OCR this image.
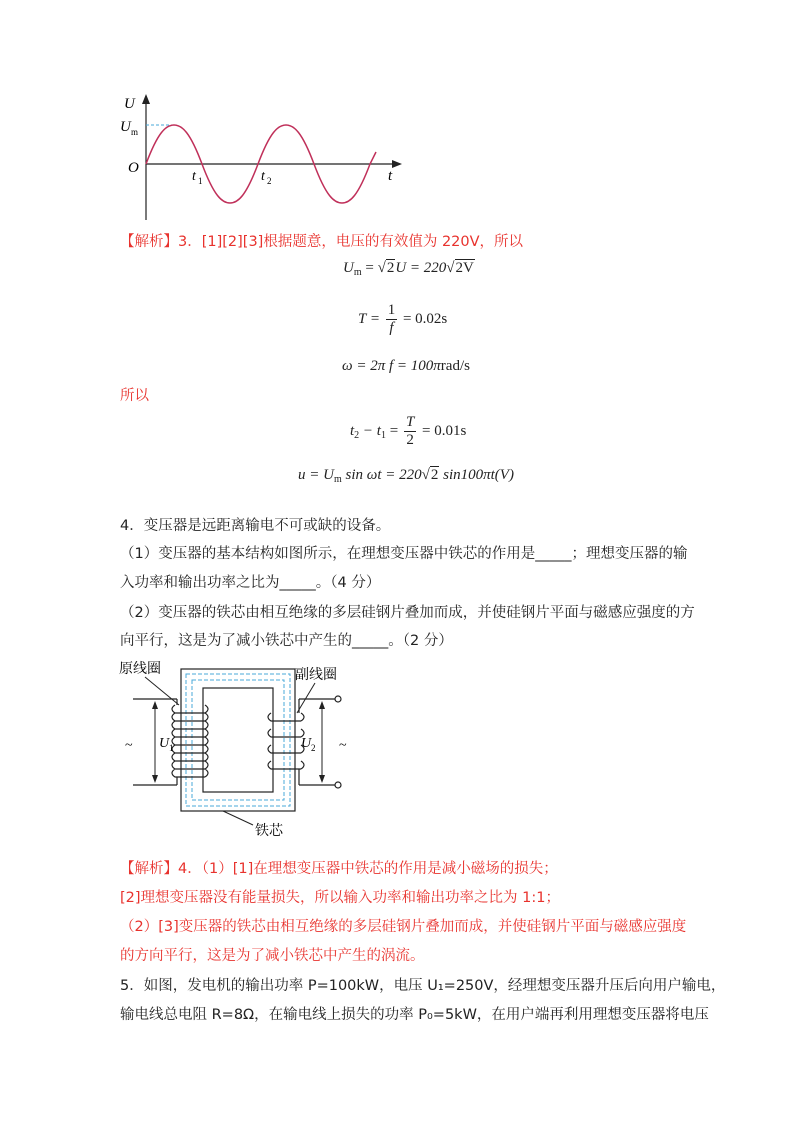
U
U m
O	t
t 1	t 2
【解析】3．[1][2][3]根据题意，电压的有效值为 220V，所以
$U_m = √2U = 220√2V$
$T = \frac{1}{f} = 0.02s$
ω = 2π f = 100πrad/s
所以
$t_2 - t_1 = \frac{T}{2} = 0.01s$
$u = U_m$ sin ωt = 220√2 sin100πt(V)
4．变压器是远距离输电不可或缺的设备。
（1）变压器的基本结构如图所示，在理想变压器中铁芯的作用是_____；理想变压器的输
入功率和输出功率之比为_____。（4 分）
（2）变压器的铁芯由相互绝缘的多层硅钢片叠加而成，并使硅钢片平面与磁感应强度的方
向平行，这是为了减小铁芯中产生的_____。（2 分）
原线圈	副线圈
铁芯
U 1	U 2
~	~
【解析】4．（1）[1]在理想变压器中铁芯的作用是减小磁场的损失；
[2]理想变压器没有能量损失，所以输入功率和输出功率之比为 1:1；
（2）[3]变压器的铁芯由相互绝缘的多层硅钢片叠加而成，并使硅钢片平面与磁感应强度
的方向平行，这是为了减小铁芯中产生的涡流。
5．如图，发电机的输出功率 P=100kW，电压 U₁=250V，经理想变压器升压后向用户输电，
输电线总电阻 R=8Ω，在输电线上损失的功率 P₀=5kW，在用户端再利用理想变压器将电压
